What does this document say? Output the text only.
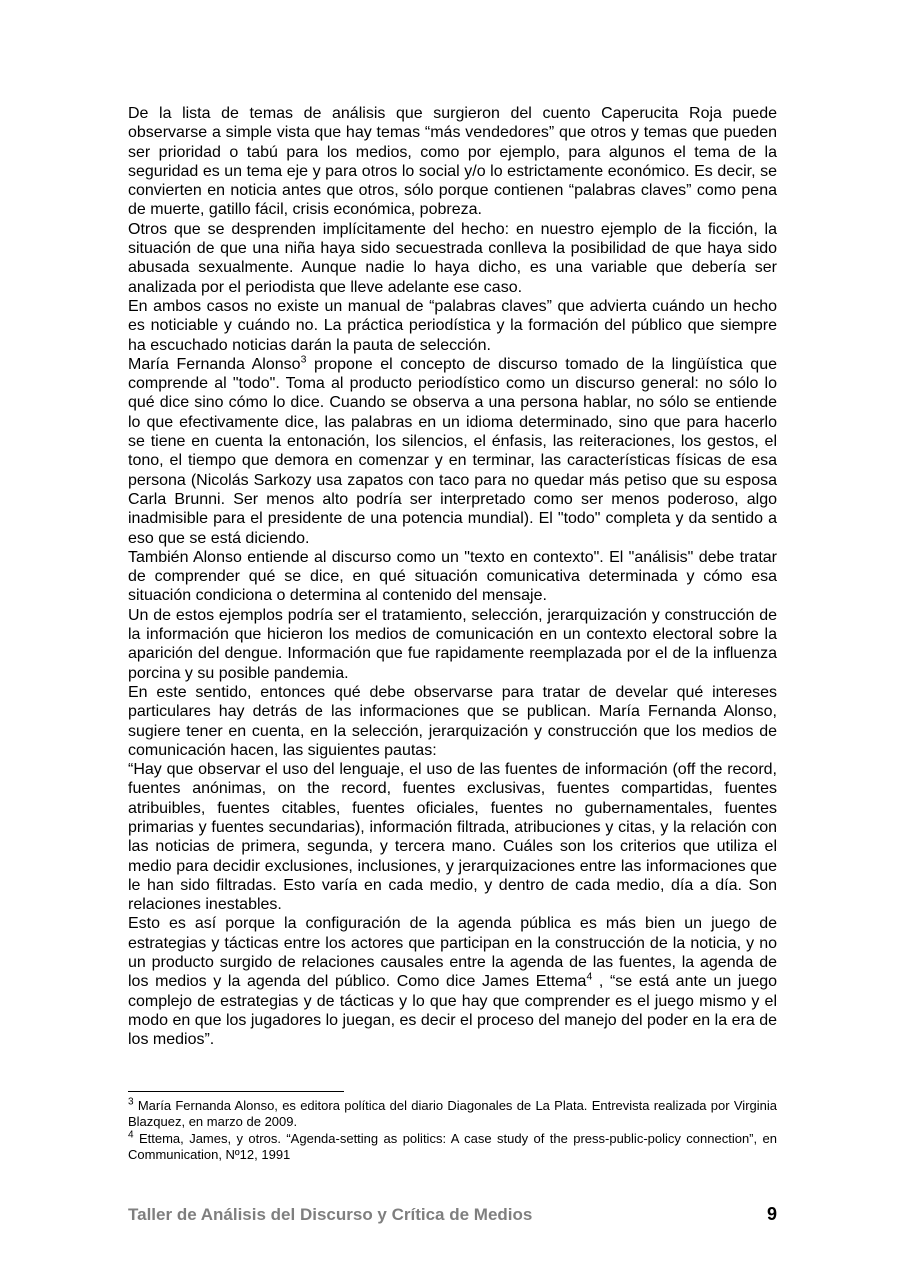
De la lista de temas de análisis que surgieron del cuento Caperucita Roja puede observarse a simple vista que hay temas “más vendedores” que otros y temas que pueden ser prioridad o tabú para los medios, como por ejemplo, para algunos el tema de la seguridad es un tema eje y para otros lo social y/o lo estrictamente económico. Es decir, se convierten en noticia antes que otros, sólo porque contienen “palabras claves” como pena de muerte, gatillo fácil, crisis económica, pobreza.

Otros que se desprenden implícitamente del hecho: en nuestro ejemplo de la ficción, la situación de que una niña haya sido secuestrada conlleva la posibilidad de que haya sido abusada sexualmente. Aunque nadie lo haya dicho, es una variable que debería ser analizada por el periodista que lleve adelante ese caso.

En ambos casos no existe un manual de “palabras claves” que advierta cuándo un hecho es noticiable y cuándo no. La práctica periodística y la formación del público que siempre ha escuchado noticias darán la pauta de selección.

María Fernanda Alonso$^3$ propone el concepto de discurso tomado de la lingüística que comprende al "todo". Toma al producto periodístico como un discurso general: no sólo lo qué dice sino cómo lo dice. Cuando se observa a una persona hablar, no sólo se entiende lo que efectivamente dice, las palabras en un idioma determinado, sino que para hacerlo se tiene en cuenta la entonación, los silencios, el énfasis, las reiteraciones, los gestos, el tono, el tiempo que demora en comenzar y en terminar, las características físicas de esa persona (Nicolás Sarkozy usa zapatos con taco para no quedar más petiso que su esposa Carla Brunni. Ser menos alto podría ser interpretado como ser menos poderoso, algo inadmisible para el presidente de una potencia mundial). El "todo" completa y da sentido a eso que se está diciendo.

También Alonso entiende al discurso como un "texto en contexto". El "análisis" debe tratar de comprender qué se dice, en qué situación comunicativa determinada y cómo esa situación condiciona o determina al contenido del mensaje.

Un de estos ejemplos podría ser el tratamiento, selección, jerarquización y construcción de la información que hicieron los medios de comunicación en un contexto electoral sobre la aparición del dengue. Información que fue rapidamente reemplazada por el de la influenza porcina y su posible pandemia.

En este sentido, entonces qué debe observarse para tratar de develar qué intereses particulares hay detrás de las informaciones que se publican. María Fernanda Alonso, sugiere tener en cuenta, en la selección, jerarquización y construcción que los medios de comunicación hacen, las siguientes pautas:

“Hay que observar el uso del lenguaje, el uso de las fuentes de información (off the record, fuentes anónimas, on the record, fuentes exclusivas, fuentes compartidas, fuentes atribuibles, fuentes citables, fuentes oficiales, fuentes no gubernamentales, fuentes primarias y fuentes secundarias), información filtrada, atribuciones y citas, y la relación con las noticias de primera, segunda, y tercera mano. Cuáles son los criterios que utiliza el medio para decidir exclusiones, inclusiones, y jerarquizaciones entre las informaciones que le han sido filtradas. Esto varía en cada medio, y dentro de cada medio, día a día. Son relaciones inestables.

Esto es así porque la configuración de la agenda pública es más bien un juego de estrategias y tácticas entre los actores que participan en la construcción de la noticia, y no un producto surgido de relaciones causales entre la agenda de las fuentes, la agenda de los medios y la agenda del público. Como dice James Ettema$^4$ , “se está ante un juego complejo de estrategias y de tácticas y lo que hay que comprender es el juego mismo y el modo en que los jugadores lo juegan, es decir el proceso del manejo del poder en la era de los medios”.

$^3$ María Fernanda Alonso, es editora política del diario Diagonales de La Plata. Entrevista realizada por Virginia Blazquez, en marzo de 2009.

$^4$ Ettema, James, y otros. “Agenda-setting as politics: A case study of the press-public-policy connection”, en Communication, Nº12, 1991

Taller de Análisis del Discurso y Crítica de Medios	9
